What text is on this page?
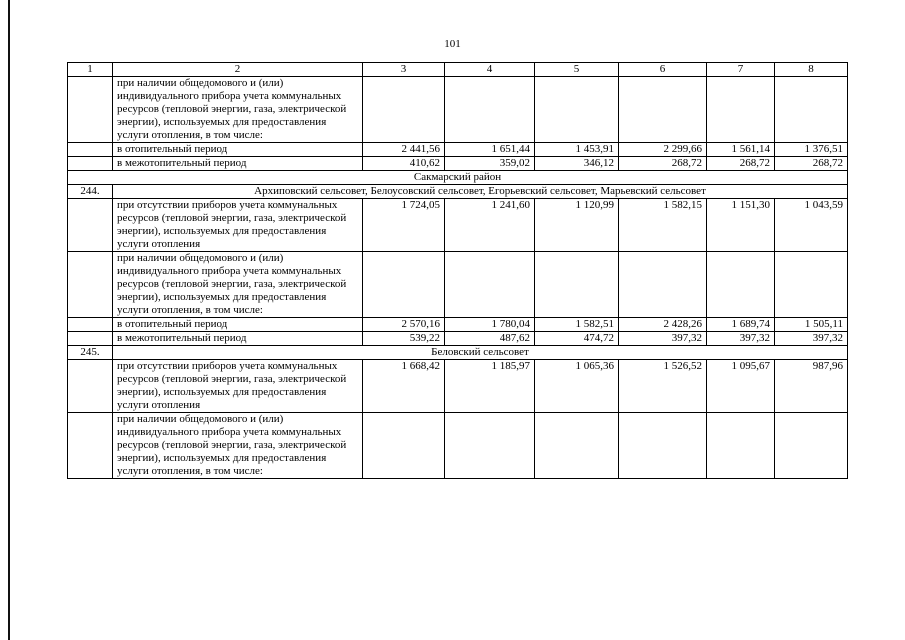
101
1	2	3	4	5	6	7	8
	при наличии общедомового и (или) индивидуального прибора учета коммунальных ресурсов (тепловой энергии, газа, электрической энергии), используемых для предоставления услуги отопления, в том числе:						
	в отопительный период	2 441,56	1 651,44	1 453,91	2 299,66	1 561,14	1 376,51
	в межотопительный период	410,62	359,02	346,12	268,72	268,72	268,72
Сакмарский район							
244.	Архиповский сельсовет, Белоусовский сельсовет, Егорьевский сельсовет, Марьевский сельсовет						
	при отсутствии приборов учета коммунальных ресурсов (тепловой энергии, газа, электрической энергии), используемых для предоставления услуги отопления	1 724,05	1 241,60	1 120,99	1 582,15	1 151,30	1 043,59
	при наличии общедомового и (или) индивидуального прибора учета коммунальных ресурсов (тепловой энергии, газа, электрической энергии), используемых для предоставления услуги отопления, в том числе:						
	в отопительный период	2 570,16	1 780,04	1 582,51	2 428,26	1 689,74	1 505,11
	в межотопительный период	539,22	487,62	474,72	397,32	397,32	397,32
245.	Беловский сельсовет						
	при отсутствии приборов учета коммунальных ресурсов (тепловой энергии, газа, электрической энергии), используемых для предоставления услуги отопления	1 668,42	1 185,97	1 065,36	1 526,52	1 095,67	987,96
	при наличии общедомового и (или) индивидуального прибора учета коммунальных ресурсов (тепловой энергии, газа, электрической энергии), используемых для предоставления услуги отопления, в том числе:						
